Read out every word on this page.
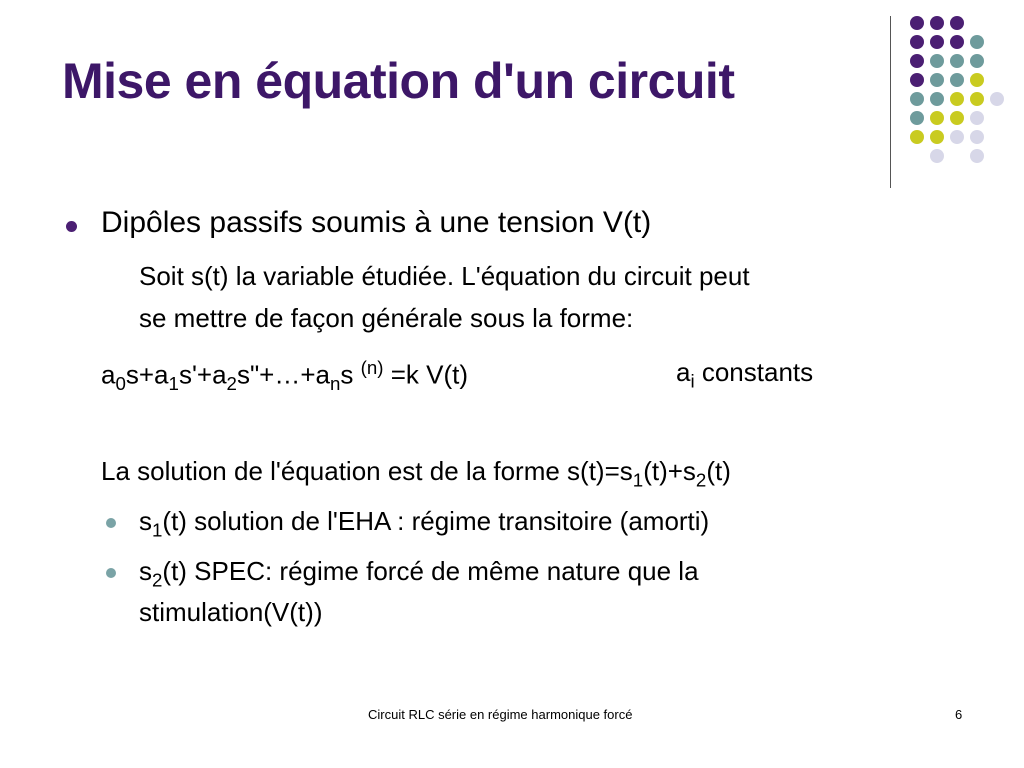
Mise en équation d'un circuit
Dipôles passifs soumis à une tension V(t)
Soit s(t) la variable étudiée. L'équation du circuit peut
se mettre de façon générale sous la forme:
$a_0s+a_1s'+a_2s"+\dots+a_ns$ $^{(n)}$ =k V(t)	$a_i$ constants
La solution de l'équation est de la forme $s(t)=s_1(t)+s_2(t)$
$s_1(t)$ solution de l'EHA : régime transitoire (amorti)
$s_2(t)$ SPEC: régime forcé de même nature que la
stimulation(V(t))
Circuit RLC série en régime harmonique forcé	6
